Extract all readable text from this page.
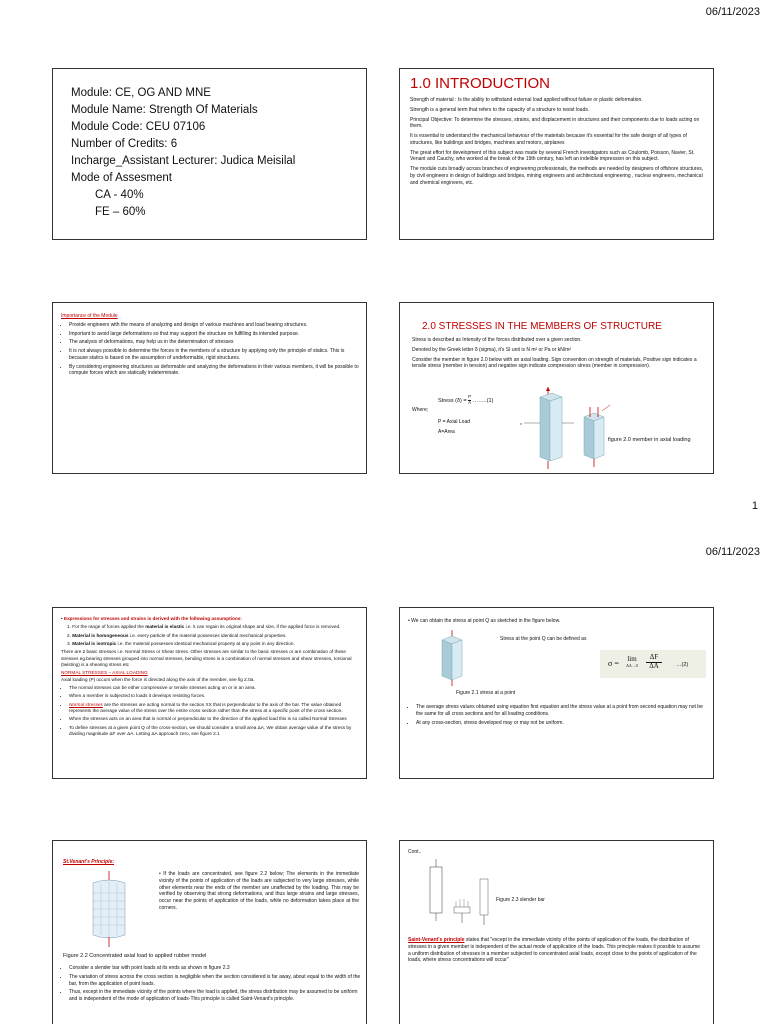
06/11/2023
Module: CE, OG AND MNE
Module Name: Strength Of Materials
Module Code: CEU 07106
Number of Credits: 6
Incharge_Assistant Lecturer: Judica Meisilal
Mode of Assesment
CA - 40%
FE – 60%
1.0 INTRODUCTION

Strength of material : Is the ability to withstand external load applied without failure or plastic deformation.

Strength is a general term that refers to the capacity of a structure to resist loads.

Principal Objective: To determine the stresses, strains, and displacement in structures and their components due to loads acting on them.

It is essential to understand the mechanical behaviour of the materials because it's essential for the safe design of all types of structures, like buildings and bridges, machines and motors, airplanes

The great effort for development of this subject was made by several French investigators such as Coulomb, Poisson, Navier, St. Venant and Cauchy, who worked at the break of the 19th century, has left an indelible impression on this subject.

The module cuts broadly across branches of engineering professionals, the methods are needed by designers of offshore structures, by civil engineers in design of buildings and bridges, mining engineers and architectural engineering , nuclear engineers, mechanical and chemical engineers, etc.

Importance of the Module
• Provide engineers with the means of analyzing and design of various machines and load bearing structures.
• Important to avoid large deformations so that may support the structure on fulfilling its intended purpose.
• The analysis of deformations, may help us in the determination of stresses
• It is not always possible to determine the forces in the members of a structure by applying only the principle of statics. This is because statics is based on the assumption of undeformable, rigid structures.
• By considering engineering structures as deformable and analyzing the deformations in their various members, it will be possible to compute forces which are statically indeterminate.
2.0 STRESSES IN THE MEMBERS OF STRUCTURE

Stress is described as Intensity of the forces distributed over a given section.

Denoted by the Greek letter δ (sigma), it's SI unit is N m² or Pa or kN/m²

Consider the member in figure 2.0 below with an axial loading. Sign convention on strength of materials, Positive sign indicates a tensile stress (member in tension) and negative sign indicate compression stress (member in compression).

Stress $(\delta) = \frac{P}{A}$ ……..(1)
Where;
P = Axial Load
A=Area
x
figure 2.0 member in axial loading
1
06/11/2023
• Expressions for stresses and strains is derived with the following assumptions:
1. For the range of forces applied the material is elastic i.e. it can regain its original shape and size, if the applied force is removed.
2. Material is homogeneous i.e. every particle of the material possesses identical mechanical properties.
3. Material is isotropic i.e. the material possesses identical mechanical property at any point in any direction.
There are 2 basic stresses i.e. Normal Stress or Shear stress. Other stresses are similar to the basic stresses or are combination of these stresses eg.bearing stresses grouped into normal stresses, bending stress is a combination of normal stresses and shear stresses, torsional (twisting) is a shearing stress etc
NORMAL STRESSES – AXIAL LOADING
Axial loading (P) occurs when the force is directed along the axis of the member, see fig 2.0a.
• The normal stresses can be either compressive or tensile stresses acting on or in an area.
• When a member is subjected to loads it develops resisting forces.
• Normal stresses are the stresses are acting normal to the section XX that is perpendicular to the axis of the bar. The value obtained represents the average value of the stress over the entire cross section rather than the stress at a specific point of the cross section.
• When the stresses acts on an area that is normal or perpendicular to the direction of the applied load this is so called Normal Stresses
• To define stresses at a given point Q of the cross-section, we should consider a small area ΔA. We obtain average value of the stress by dividing magnitude ΔF over ΔA. Letting ΔA approach zero, see figure 2.1
• We can obtain the stress at point Q as sketched in the figure below.
Stress at the point Q can be defined as
σ =	lim
ΔA→0	$\frac{\Delta F}{\Delta A}$	…(2)
Figure 2.1 stress at a point
• The average stress values obtained using equation first equation and the stress value at a point from second equation may not be the same for all cross sections and for all loading conditions.
• At any cross-section, stress developed may or may not be uniform.
St.Venant's Principle:
• If the loads are concentrated, see figure 2.2 below; The elements in the immediate vicinity of the points of application of the loads are subjected to very large stresses, while other elements near the ends of the member are unaffected by the loading. This may be verified by observing that strong deformations, and thus large strains and large stresses, occur near the points of application of the loads, while no deformation takes place at the corners.
Figure 2.2 Concentrated axial load to applied rubber model
• Consider a slender bar with point loads at its ends as shown in figure 2.3
• The variation of stress across the cross section is negligible when the section considered is far away, about equal to the width of the bar, from the application of point loads.
• Thus, except in the immediate vicinity of the points where the load is applied, the stress distribution may be assumed to be uniform and is independent of the mode of application of loads-This principle is called Saint-Venant's principle.
Cont..
Figure 2.3 slender bar
Saint-Venant's principle states that "except in the immediate vicinity of the points of application of the loads, the distribution of stresses in a given member is independent of the actual mode of application of the loads. This principle makes it possible to assume a uniform distribution of stresses in a member subjected to concentrated axial loads, except close to the points of application of the loads, where stress concentrations will occur"
